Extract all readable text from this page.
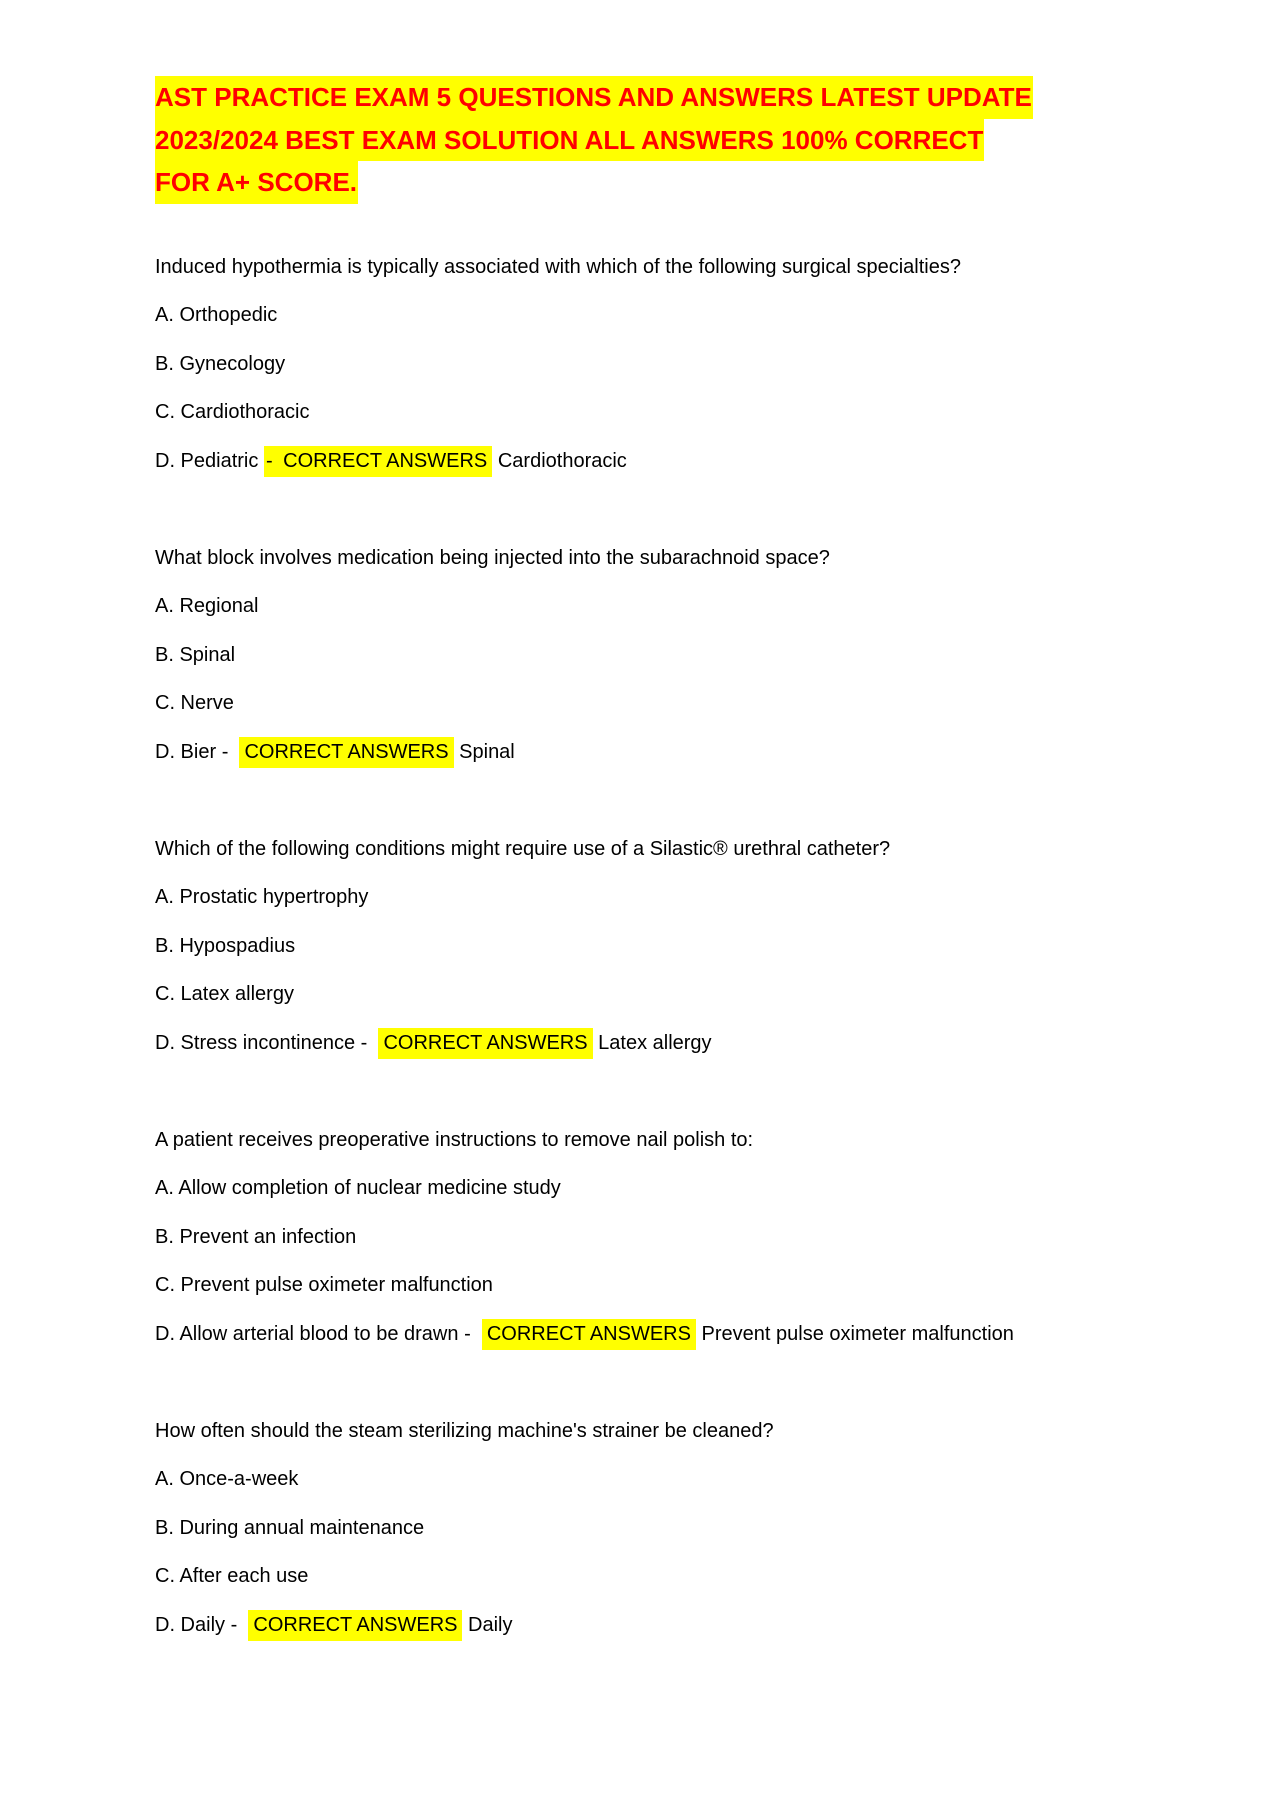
AST PRACTICE EXAM 5 QUESTIONS AND ANSWERS LATEST UPDATE
2023/2024 BEST EXAM SOLUTION ALL ANSWERS 100% CORRECT
FOR A+ SCORE.
Induced hypothermia is typically associated with which of the following surgical specialties?
A. Orthopedic
B. Gynecology
C. Cardiothoracic
D. Pediatric - CORRECT ANSWERS Cardiothoracic
What block involves medication being injected into the subarachnoid space?
A. Regional
B. Spinal
C. Nerve
D. Bier - CORRECT ANSWERS Spinal
Which of the following conditions might require use of a Silastic® urethral catheter?
A. Prostatic hypertrophy
B. Hypospadius
C. Latex allergy
D. Stress incontinence - CORRECT ANSWERS Latex allergy
A patient receives preoperative instructions to remove nail polish to:
A. Allow completion of nuclear medicine study
B. Prevent an infection
C. Prevent pulse oximeter malfunction
D. Allow arterial blood to be drawn - CORRECT ANSWERS Prevent pulse oximeter malfunction
How often should the steam sterilizing machine's strainer be cleaned?
A. Once-a-week
B. During annual maintenance
C. After each use
D. Daily - CORRECT ANSWERS Daily
